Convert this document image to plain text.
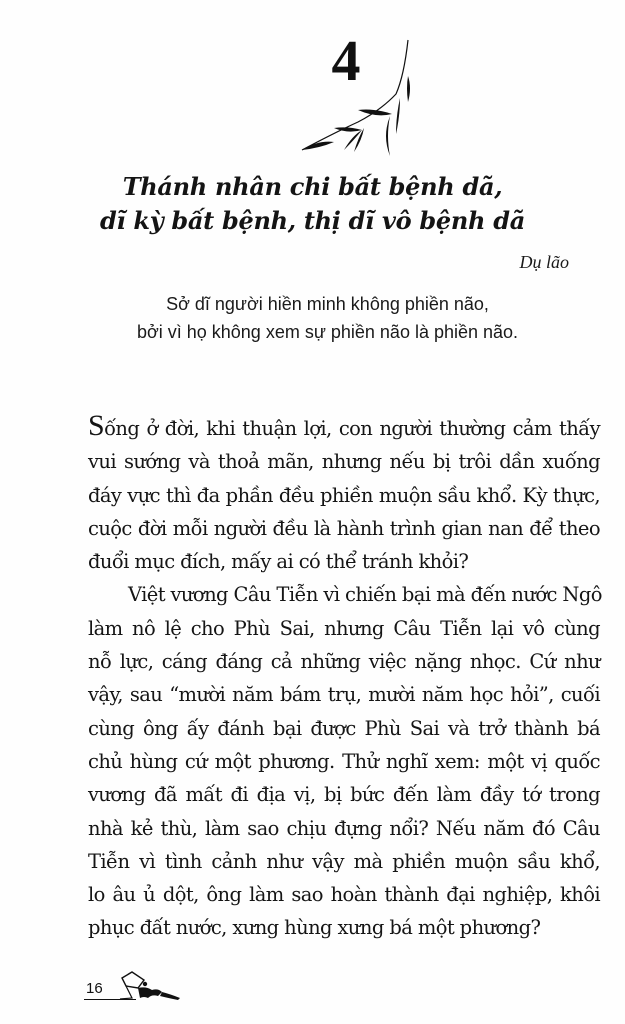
4
Thánh nhân chi bất bệnh dã,
dĩ kỳ bất bệnh, thị dĩ vô bệnh dã
Dụ lão
Sở dĩ người hiền minh không phiền não,
bởi vì họ không xem sự phiền não là phiền não.
Sống ở đời, khi thuận lợi, con người thường cảm thấy
vui sướng và thoả mãn, nhưng nếu bị trôi dần xuống
đáy vực thì đa phần đều phiền muộn sầu khổ. Kỳ thực,
cuộc đời mỗi người đều là hành trình gian nan để theo
đuổi mục đích, mấy ai có thể tránh khỏi?
Việt vương Câu Tiễn vì chiến bại mà đến nước Ngô
làm nô lệ cho Phù Sai, nhưng Câu Tiễn lại vô cùng
nỗ lực, cáng đáng cả những việc nặng nhọc. Cứ như
vậy, sau “mười năm bám trụ, mười năm học hỏi”, cuối
cùng ông ấy đánh bại được Phù Sai và trở thành bá
chủ hùng cứ một phương. Thử nghĩ xem: một vị quốc
vương đã mất đi địa vị, bị bức đến làm đầy tớ trong
nhà kẻ thù, làm sao chịu đựng nổi? Nếu năm đó Câu
Tiễn vì tình cảnh như vậy mà phiền muộn sầu khổ,
lo âu ủ dột, ông làm sao hoàn thành đại nghiệp, khôi
phục đất nước, xưng hùng xưng bá một phương?
16
